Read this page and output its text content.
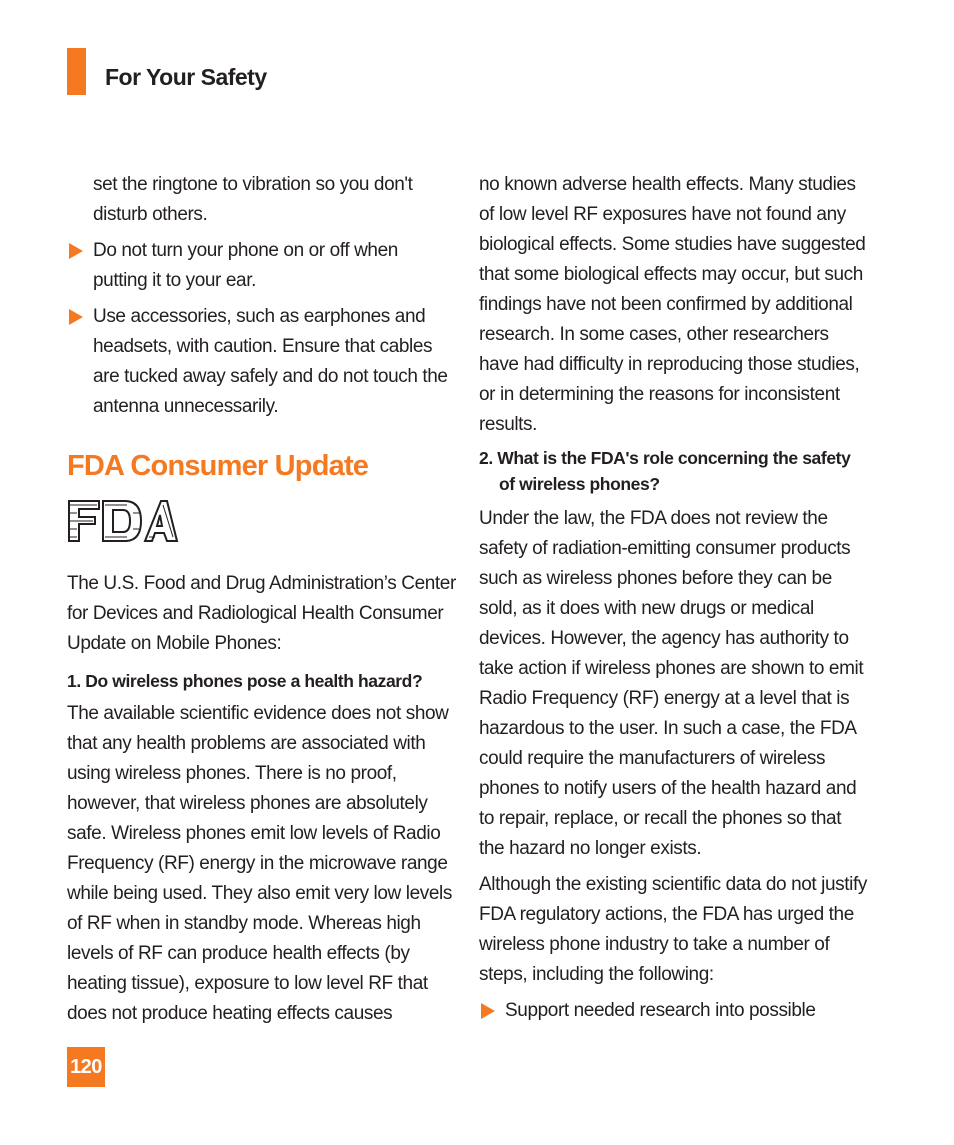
For Your Safety

set the ringtone to vibration so you don't disturb others.

Do not turn your phone on or off when putting it to your ear.

Use accessories, such as earphones and headsets, with caution. Ensure that cables are tucked away safely and do not touch the antenna unnecessarily.

FDA Consumer Update

The U.S. Food and Drug Administration’s Center for Devices and Radiological Health Consumer Update on Mobile Phones:

1. Do wireless phones pose a health hazard?

The available scientific evidence does not show that any health problems are associated with using wireless phones. There is no proof, however, that wireless phones are absolutely safe. Wireless phones emit low levels of Radio Frequency (RF) energy in the microwave range while being used. They also emit very low levels of RF when in standby mode. Whereas high levels of RF can produce health effects (by heating tissue), exposure to low level RF that does not produce heating effects causes

no known adverse health effects. Many studies of low level RF exposures have not found any biological effects. Some studies have suggested that some biological effects may occur, but such findings have not been confirmed by additional research. In some cases, other researchers have had difficulty in reproducing those studies, or in determining the reasons for inconsistent results.

2. What is the FDA's role concerning the safety of wireless phones?

Under the law, the FDA does not review the safety of radiation-emitting consumer products such as wireless phones before they can be sold, as it does with new drugs or medical devices. However, the agency has authority to take action if wireless phones are shown to emit Radio Frequency (RF) energy at a level that is hazardous to the user. In such a case, the FDA could require the manufacturers of wireless phones to notify users of the health hazard and to repair, replace, or recall the phones so that the hazard no longer exists.

Although the existing scientific data do not justify FDA regulatory actions, the FDA has urged the wireless phone industry to take a number of steps, including the following:

Support needed research into possible

120
